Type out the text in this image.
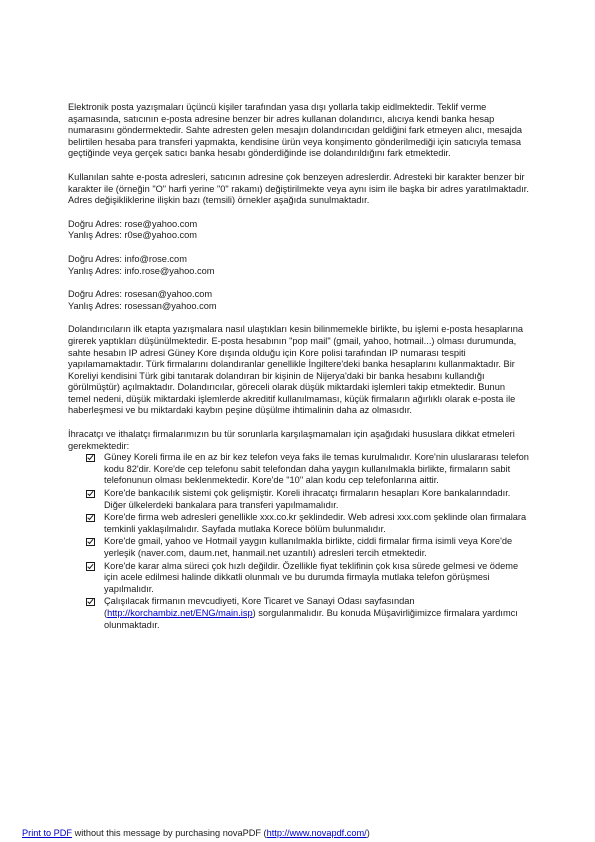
Elektronik posta yazışmaları üçüncü kişiler tarafından yasa dışı yollarla takip eidlmektedir. Teklif verme aşamasında, satıcının e-posta adresine benzer bir adres kullanan dolandırıcı, alıcıya kendi banka hesap numarasını göndermektedir. Sahte adresten gelen mesajın dolandırıcıdan geldiğini fark etmeyen alıcı, mesajda belirtilen hesaba para transferi yapmakta, kendisine ürün veya konşimento gönderilmediği için satıcıyla temasa geçtiğinde veya gerçek satıcı banka hesabı gönderdiğinde ise dolandırıldığını fark etmektedir.

Kullanılan sahte e-posta adresleri, satıcının adresine çok benzeyen adreslerdir. Adresteki bir karakter benzer bir karakter ile (örneğin "O" harfi yerine "0" rakamı) değiştirilmekte veya aynı isim ile başka bir adres yaratılmaktadır. Adres değişikliklerine ilişkin bazı (temsili) örnekler aşağıda sunulmaktadır.

Doğru Adres: rose@yahoo.com
Yanlış Adres: r0se@yahoo.com
Doğru Adres: info@rose.com
Yanlış Adres: info.rose@yahoo.com
Doğru Adres: rosesan@yahoo.com
Yanlış Adres: rosessan@yahoo.com

Dolandırıcıların ilk etapta yazışmalara nasıl ulaştıkları kesin bilinmemekle birlikte, bu işlemi e-posta hesaplarına girerek yaptıkları düşünülmektedir. E-posta hesabının "pop mail" (gmail, yahoo, hotmail...) olması durumunda, sahte hesabın IP adresi Güney Kore dışında olduğu için Kore polisi tarafından IP numarası tespiti yapılamamaktadır. Türk firmalarını dolandıranlar genellikle İngiltere'deki banka hesaplarını kullanmaktadır. Bir Koreliyi kendisini Türk gibi tanıtarak dolandıran bir kişinin de Nijerya'daki bir banka hesabını kullandığı görülmüştür) açılmaktadır. Dolandırıcılar, göreceli olarak düşük miktardaki işlemleri takip etmektedir. Bunun temel nedeni, düşük miktardaki işlemlerde akreditif kullanılmaması, küçük firmaların ağırlıklı olarak e-posta ile haberleşmesi ve bu miktardaki kaybın peşine düşülme ihtimalinin daha az olmasıdır.

İhracatçı ve ithalatçı firmalarımızın bu tür sorunlarla karşılaşmamaları için aşağıdaki hususlara dikkat etmeleri gerekmektedir:

Güney Koreli firma ile en az bir kez telefon veya faks ile temas kurulmalıdır. Kore'nin uluslararası telefon kodu 82'dir. Kore'de cep telefonu sabit telefondan daha yaygın kullanılmakla birlikte, firmaların sabit telefonunun olması beklenmektedir. Kore'de "10" alan kodu cep telefonlarına aittir.
Kore'de bankacılık sistemi çok gelişmiştir. Koreli ihracatçı firmaların hesapları Kore bankalarındadır. Diğer ülkelerdeki bankalara para transferi yapılmamalıdır.
Kore'de firma web adresleri genellikle xxx.co.kr şeklindedir. Web adresi xxx.com şeklinde olan firmalara temkinli yaklaşılmalıdır. Sayfada mutlaka Korece bölüm bulunmalıdır.
Kore'de gmail, yahoo ve Hotmail yaygın kullanılmakla birlikte, ciddi firmalar firma isimli veya Kore'de yerleşik (naver.com, daum.net, hanmail.net uzantılı) adresleri tercih etmektedir.
Kore'de karar alma süreci çok hızlı değildir. Özellikle fiyat teklifinin çok kısa sürede gelmesi ve ödeme için acele edilmesi halinde dikkatli olunmalı ve bu durumda firmayla mutlaka telefon görüşmesi yapılmalıdır.
Çalışılacak firmanın mevcudiyeti, Kore Ticaret ve Sanayi Odası sayfasından (http://korchambiz.net/ENG/main.isp) sorgulanmalıdır. Bu konuda Müşavirliğimizce firmalara yardımcı olunmaktadır.
Print to PDF without this message by purchasing novaPDF (http://www.novapdf.com/)
